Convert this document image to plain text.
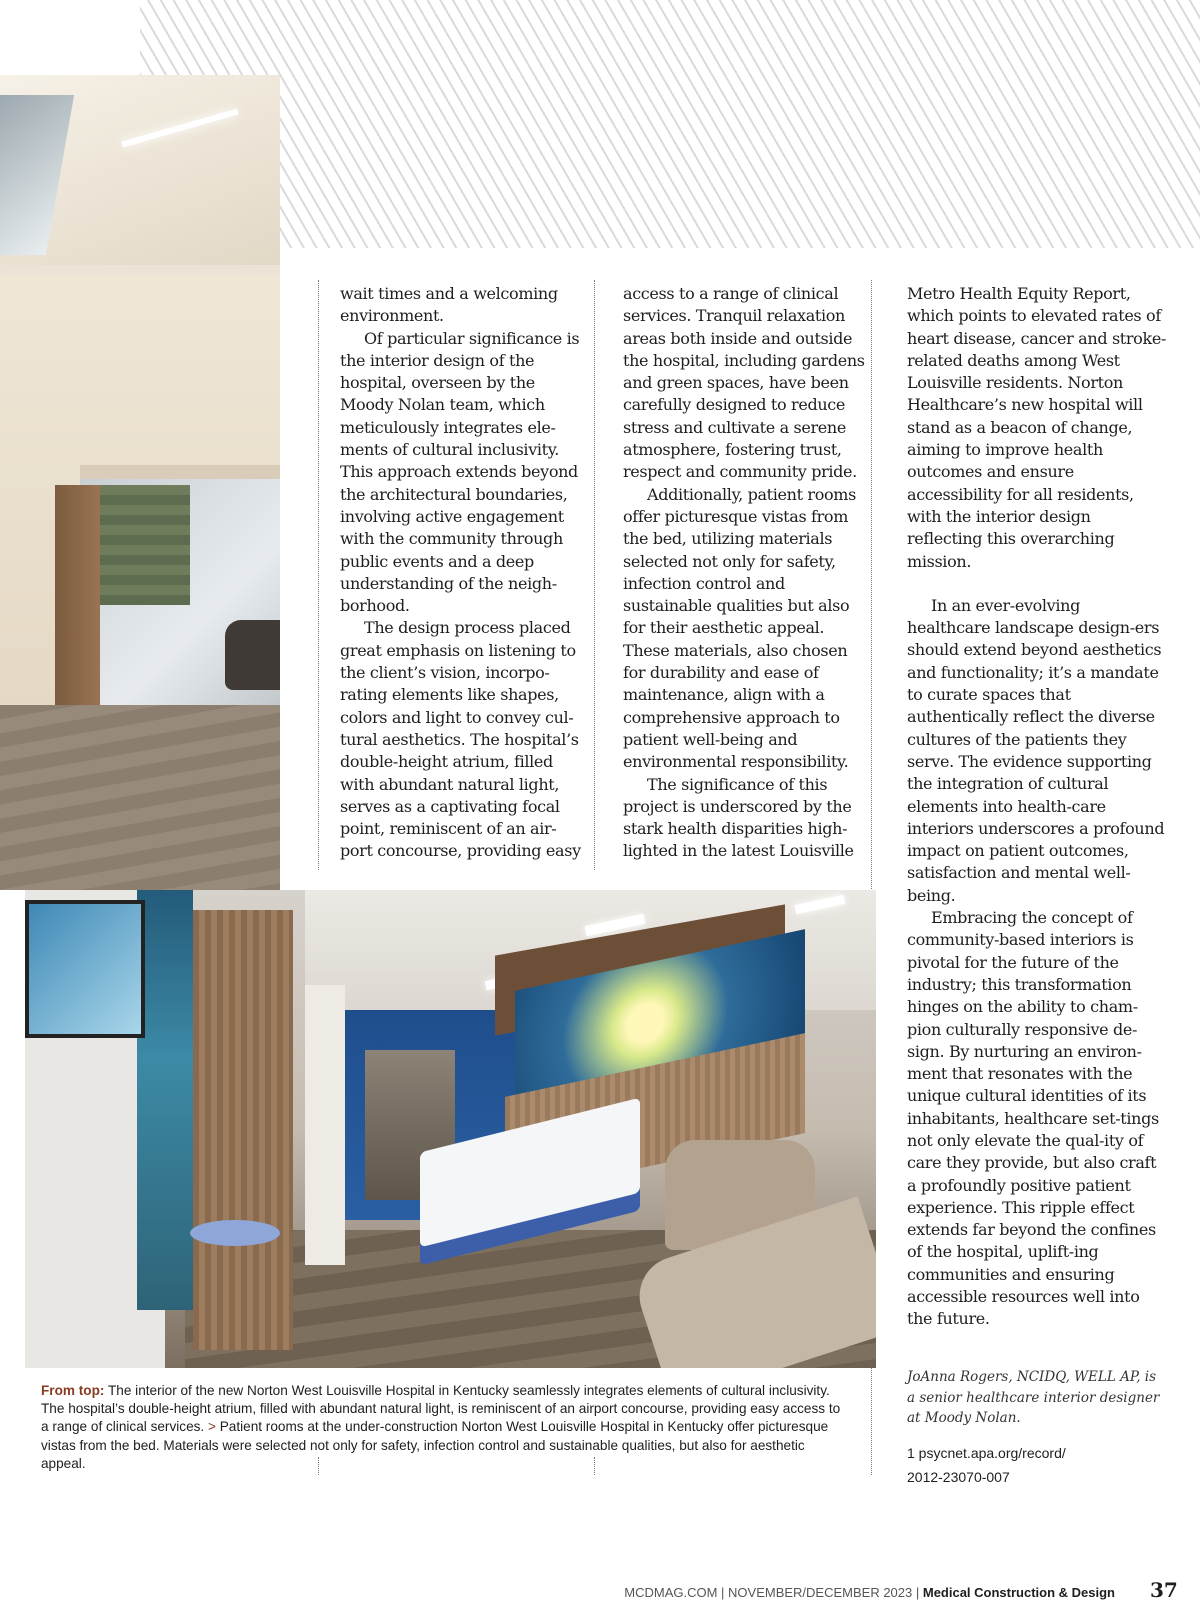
wait times and a welcoming environment.

Of particular significance is the interior design of the hospital, overseen by the Moody Nolan team, which meticulously integrates ele-ments of cultural inclusivity. This approach extends beyond the architectural boundaries, involving active engagement with the community through public events and a deep understanding of the neigh-borhood.

The design process placed great emphasis on listening to the client’s vision, incorpo-rating elements like shapes, colors and light to convey cul-tural aesthetics. The hospital’s double-height atrium, filled with abundant natural light, serves as a captivating focal point, reminiscent of an air-port concourse, providing easy

access to a range of clinical services. Tranquil relaxation areas both inside and outside the hospital, including gardens and green spaces, have been carefully designed to reduce stress and cultivate a serene atmosphere, fostering trust, respect and community pride.

Additionally, patient rooms offer picturesque vistas from the bed, utilizing materials selected not only for safety, infection control and sustainable qualities but also for their aesthetic appeal. These materials, also chosen for durability and ease of maintenance, align with a comprehensive approach to patient well-being and environmental responsibility.

The significance of this project is underscored by the stark health disparities high-lighted in the latest Louisville

Metro Health Equity Report, which points to elevated rates of heart disease, cancer and stroke-related deaths among West Louisville residents. Norton Healthcare’s new hospital will stand as a beacon of change, aiming to improve health outcomes and ensure accessibility for all residents, with the interior design reflecting this overarching mission.

In an ever-evolving healthcare landscape design-ers should extend beyond aesthetics and functionality; it’s a mandate to curate spaces that authentically reflect the diverse cultures of the patients they serve. The evidence supporting the integration of cultural elements into health-care interiors underscores a profound impact on patient outcomes, satisfaction and mental well-being.

Embracing the concept of community-based interiors is pivotal for the future of the industry; this transformation hinges on the ability to cham-pion culturally responsive de-sign. By nurturing an environ-ment that resonates with the unique cultural identities of its inhabitants, healthcare set-tings not only elevate the qual-ity of care they provide, but also craft a profoundly positive patient experience. This ripple effect extends far beyond the confines of the hospital, uplift-ing communities and ensuring accessible resources well into the future.

From top: The interior of the new Norton West Louisville Hospital in Kentucky seamlessly integrates elements of cultural inclusivity. The hospital’s double-height atrium, filled with abundant natural light, is reminiscent of an airport concourse, providing easy access to a range of clinical services. > Patient rooms at the under-construction Norton West Louisville Hospital in Kentucky offer picturesque vistas from the bed. Materials were selected not only for safety, infection control and sustainable qualities, but also for aesthetic appeal.
JoAnna Rogers, NCIDQ, WELL AP, is a senior healthcare interior designer at Moody Nolan.
1 psycnet.apa.org/record/
2012-23070-007
MCDMAG.COM | NOVEMBER/DECEMBER 2023 | Medical Construction & Design 37
